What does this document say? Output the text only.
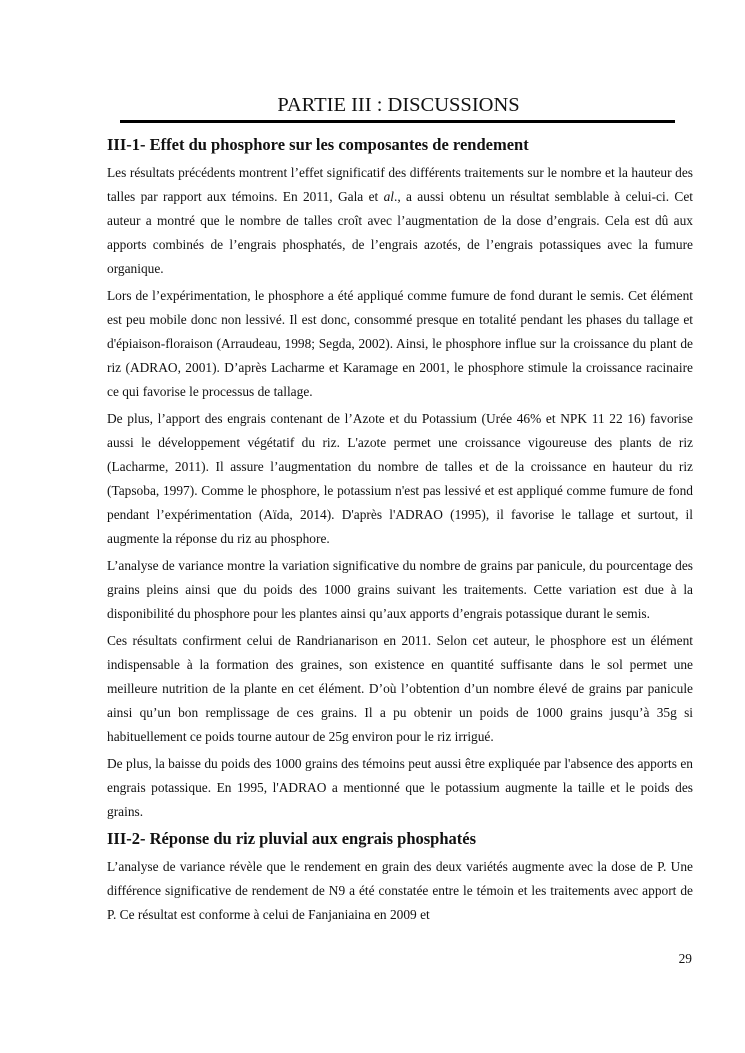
PARTIE III : DISCUSSIONS
III-1- Effet du phosphore sur les composantes de rendement

Les résultats précédents montrent l’effet significatif des différents traitements sur le nombre et la hauteur des talles par rapport aux témoins. En 2011, Gala et al., a aussi obtenu un résultat semblable à celui-ci. Cet auteur a montré que le nombre de talles croît avec l’augmentation de la dose d’engrais. Cela est dû aux apports combinés de l’engrais phosphatés, de l’engrais azotés, de l’engrais potassiques avec la fumure organique.

Lors de l’expérimentation, le phosphore a été appliqué comme fumure de fond durant le semis. Cet élément est peu mobile donc non lessivé. Il est donc, consommé presque en totalité pendant les phases du tallage et d'épiaison-floraison (Arraudeau, 1998; Segda, 2002). Ainsi, le phosphore influe sur la croissance du plant de riz (ADRAO, 2001). D’après Lacharme et Karamage en 2001, le phosphore stimule la croissance racinaire ce qui favorise le processus de tallage.

De plus, l’apport des engrais contenant de l’Azote et du Potassium (Urée 46% et NPK 11 22 16) favorise aussi le développement végétatif du riz. L'azote permet une croissance vigoureuse des plants de riz (Lacharme, 2011). Il assure l’augmentation du nombre de talles et de la croissance en hauteur du riz (Tapsoba, 1997). Comme le phosphore, le potassium n'est pas lessivé et est appliqué comme fumure de fond pendant l’expérimentation (Aïda, 2014). D'après l'ADRAO (1995), il favorise le tallage et surtout, il augmente la réponse du riz au phosphore.

L’analyse de variance montre la variation significative du nombre de grains par panicule, du pourcentage des grains pleins ainsi que du poids des 1000 grains suivant les traitements. Cette variation est due à la disponibilité du phosphore pour les plantes ainsi qu’aux apports d’engrais potassique durant le semis.

Ces résultats confirment celui de Randrianarison en 2011. Selon cet auteur, le phosphore est un élément indispensable à la formation des graines, son existence en quantité suffisante dans le sol permet une meilleure nutrition de la plante en cet élément. D’où l’obtention d’un nombre élevé de grains par panicule ainsi qu’un bon remplissage de ces grains. Il a pu obtenir un poids de 1000 grains jusqu’à 35g si habituellement ce poids tourne autour de 25g environ pour le riz irrigué.

De plus, la baisse du poids des 1000 grains des témoins peut aussi être expliquée par l'absence des apports en engrais potassique. En 1995, l'ADRAO a mentionné que le potassium augmente la taille et le poids des grains.

III-2- Réponse du riz pluvial aux engrais phosphatés

L’analyse de variance révèle que le rendement en grain des deux variétés augmente avec la dose de P. Une différence significative de rendement de N9 a été constatée entre le témoin et les traitements avec apport de P. Ce résultat est conforme à celui de Fanjaniaina en 2009 et

29
